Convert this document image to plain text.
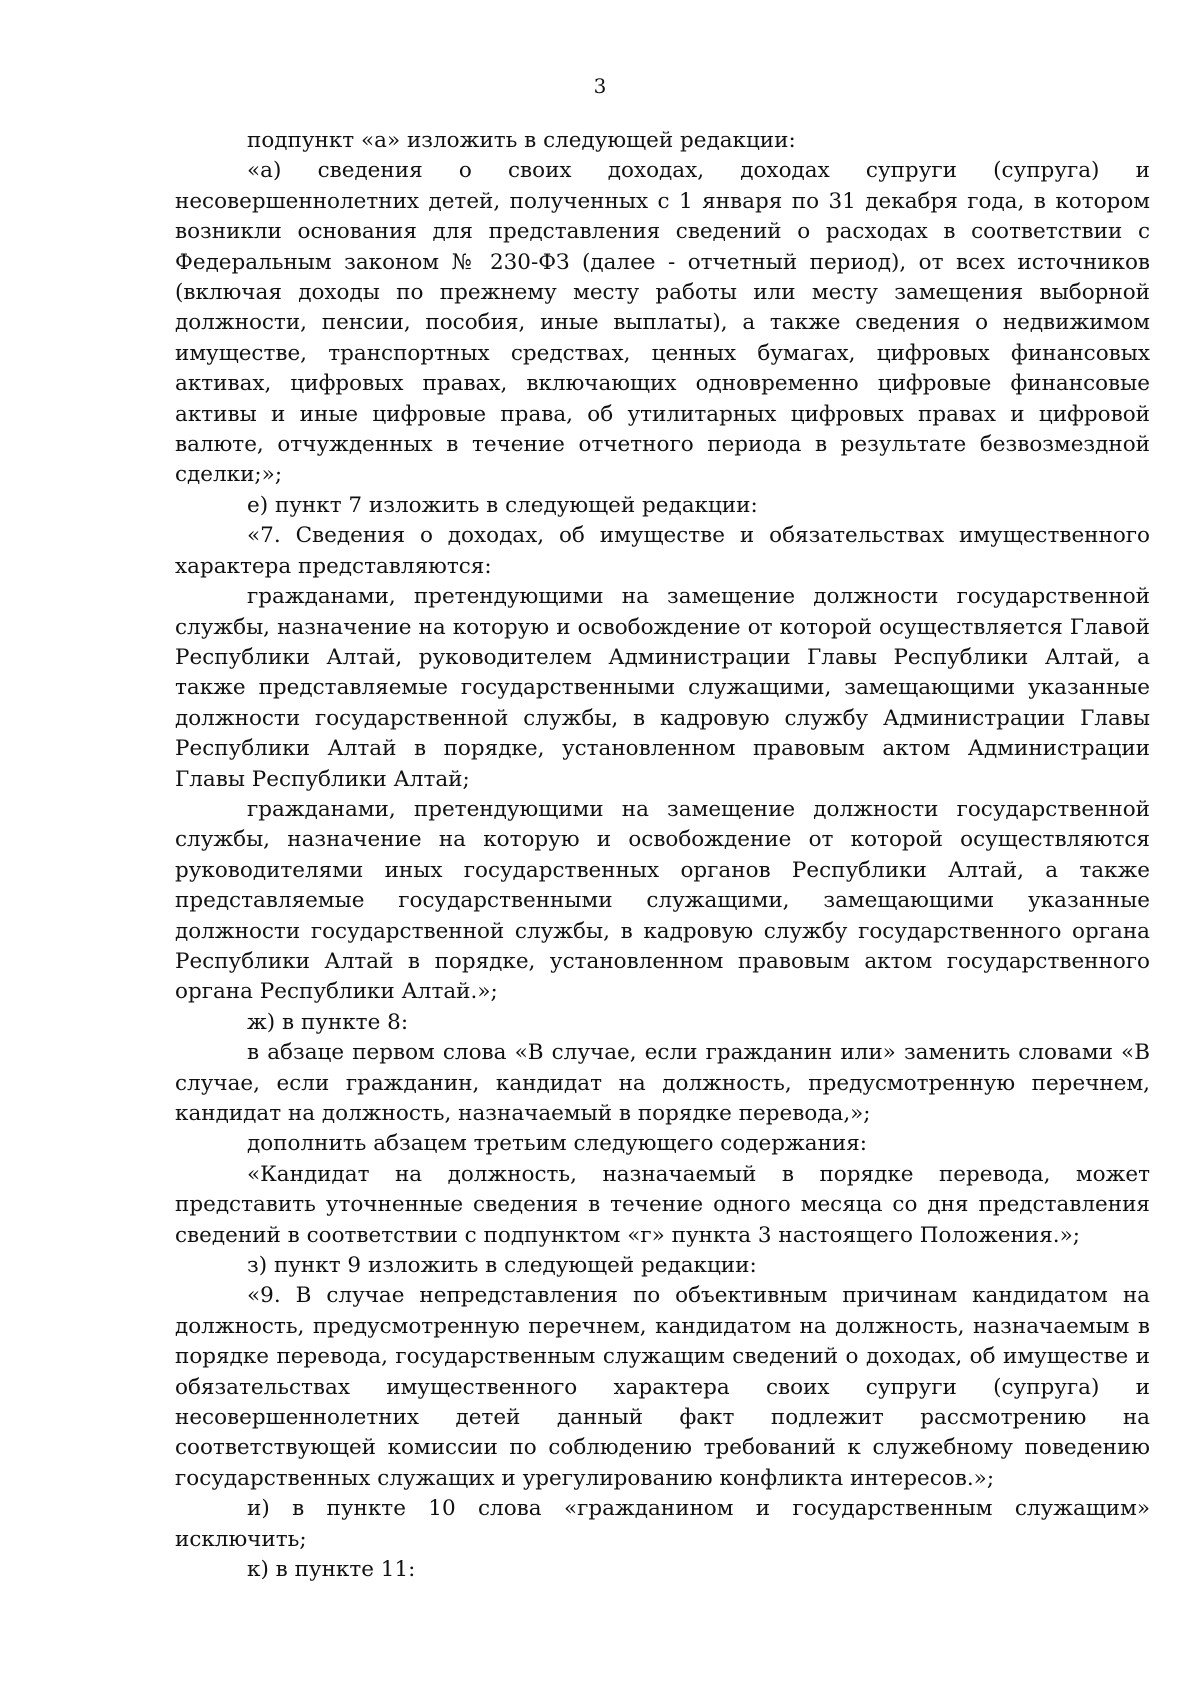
3

подпункт «а» изложить в следующей редакции:

«а) сведения о своих доходах, доходах супруги (супруга) и несовершеннолетних детей, полученных с 1 января по 31 декабря года, в котором возникли основания для представления сведений о расходах в соответствии с Федеральным законом № 230-ФЗ (далее - отчетный период), от всех источников (включая доходы по прежнему месту работы или месту замещения выборной должности, пенсии, пособия, иные выплаты), а также сведения о недвижимом имуществе, транспортных средствах, ценных бумагах, цифровых финансовых активах, цифровых правах, включающих одновременно цифровые финансовые активы и иные цифровые права, об утилитарных цифровых правах и цифровой валюте, отчужденных в течение отчетного периода в результате безвозмездной сделки;»;

е) пункт 7 изложить в следующей редакции:

«7. Сведения о доходах, об имуществе и обязательствах имущественного характера представляются:

гражданами, претендующими на замещение должности государственной службы, назначение на которую и освобождение от которой осуществляется Главой Республики Алтай, руководителем Администрации Главы Республики Алтай, а также представляемые государственными служащими, замещающими указанные должности государственной службы, в кадровую службу Администрации Главы Республики Алтай в порядке, установленном правовым актом Администрации Главы Республики Алтай;

гражданами, претендующими на замещение должности государственной службы, назначение на которую и освобождение от которой осуществляются руководителями иных государственных органов Республики Алтай, а также представляемые государственными служащими, замещающими указанные должности государственной службы, в кадровую службу государственного органа Республики Алтай в порядке, установленном правовым актом государственного органа Республики Алтай.»;

ж) в пункте 8:

в абзаце первом слова «В случае, если гражданин или» заменить словами «В случае, если гражданин, кандидат на должность, предусмотренную перечнем, кандидат на должность, назначаемый в порядке перевода,»;

дополнить абзацем третьим следующего содержания:

«Кандидат на должность, назначаемый в порядке перевода, может представить уточненные сведения в течение одного месяца со дня представления сведений в соответствии с подпунктом «г» пункта 3 настоящего Положения.»;

з) пункт 9 изложить в следующей редакции:

«9. В случае непредставления по объективным причинам кандидатом на должность, предусмотренную перечнем, кандидатом на должность, назначаемым в порядке перевода, государственным служащим сведений о доходах, об имуществе и обязательствах имущественного характера своих супруги (супруга) и несовершеннолетних детей данный факт подлежит рассмотрению на соответствующей комиссии по соблюдению требований к служебному поведению государственных служащих и урегулированию конфликта интересов.»;

и) в пункте 10 слова «гражданином и государственным служащим» исключить;

к) в пункте 11:
